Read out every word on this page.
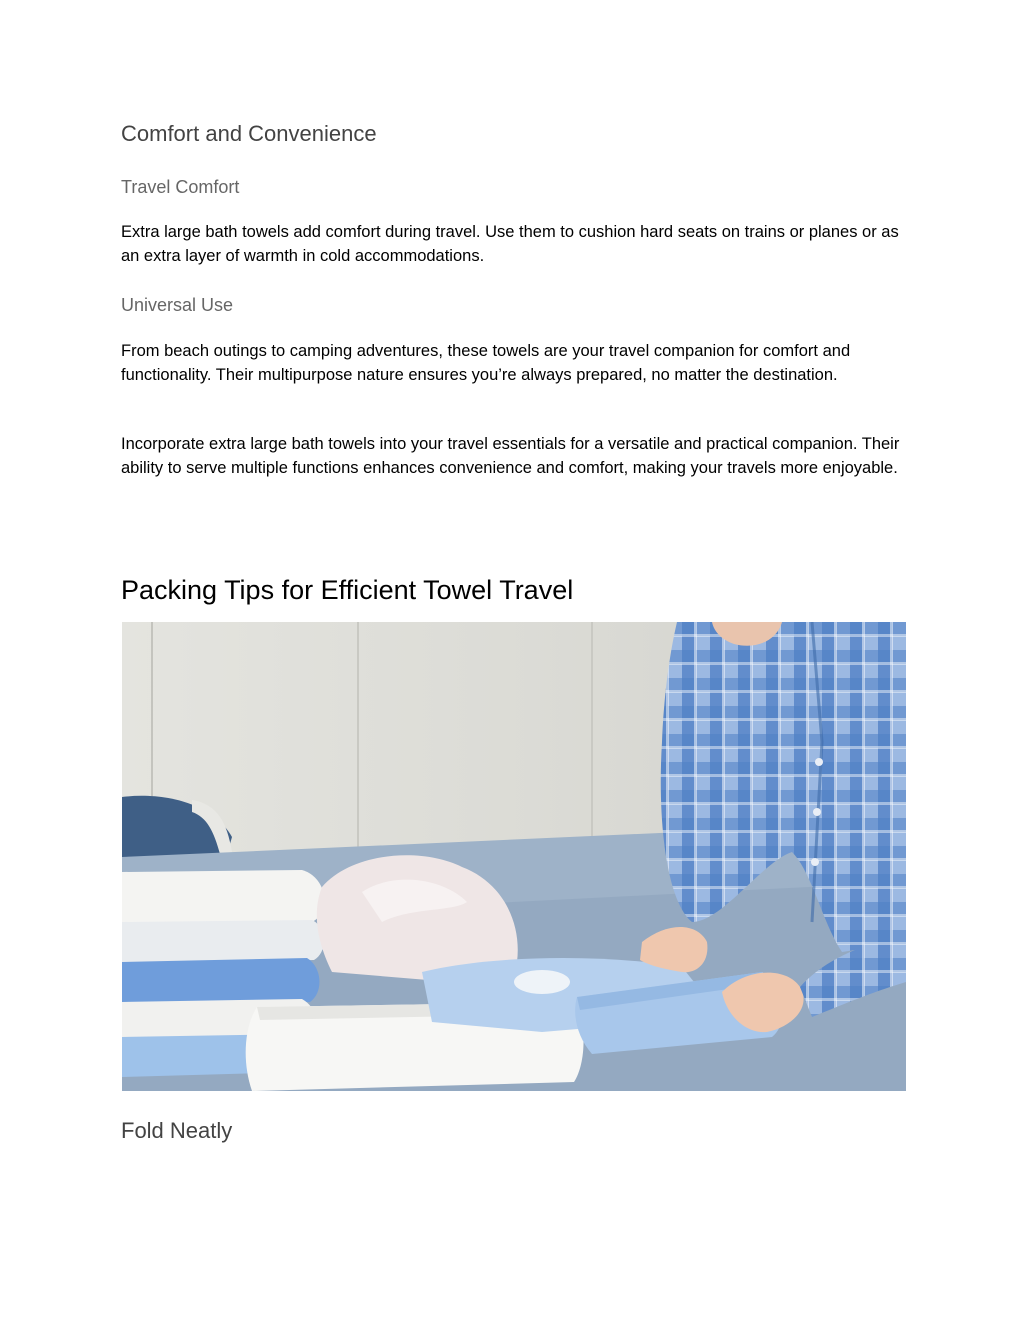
Comfort and Convenience
Travel Comfort

Extra large bath towels add comfort during travel. Use them to cushion hard seats on trains or planes or as an extra layer of warmth in cold accommodations.

Universal Use

From beach outings to camping adventures, these towels are your travel companion for comfort and functionality. Their multipurpose nature ensures you’re always prepared, no matter the destination.

Incorporate extra large bath towels into your travel essentials for a versatile and practical companion. Their ability to serve multiple functions enhances convenience and comfort, making your travels more enjoyable.

Packing Tips for Efficient Towel Travel
Fold Neatly
